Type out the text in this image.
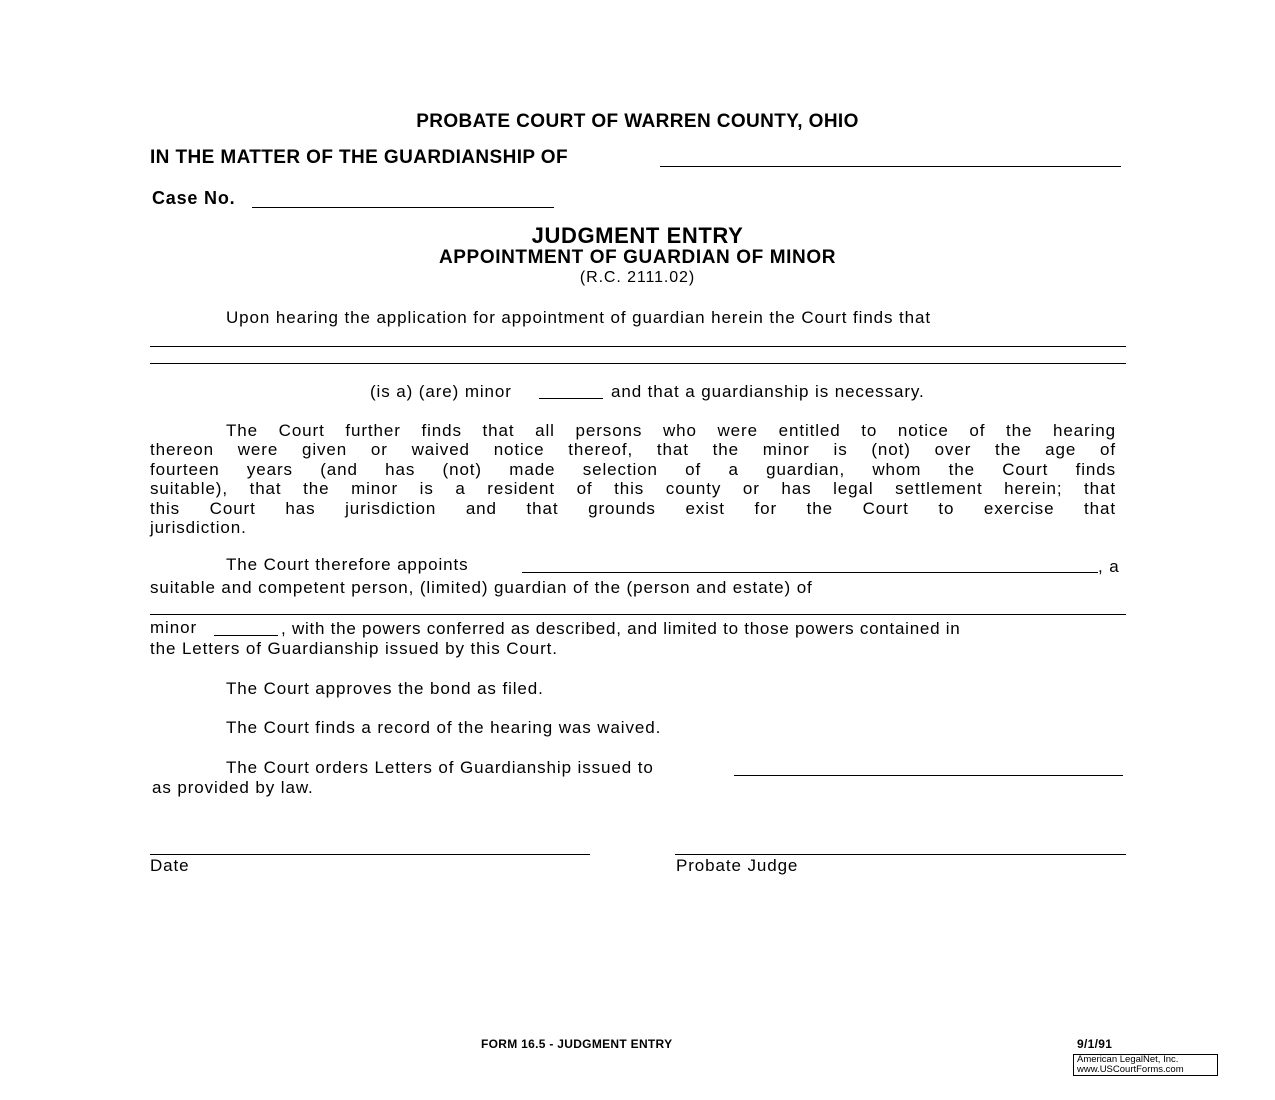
PROBATE COURT OF WARREN COUNTY, OHIO
IN THE MATTER OF THE GUARDIANSHIP OF
Case No.
JUDGMENT ENTRY
APPOINTMENT OF GUARDIAN OF MINOR
(R.C. 2111.02)
Upon hearing the application for appointment of guardian herein the Court finds that
(is a) (are) minor	and that a guardianship is necessary.
The Court further finds that all persons who were entitled to notice of the hearing
thereon were given or waived notice thereof, that the minor is (not) over the age of
fourteen years (and has (not) made selection of a guardian, whom the Court finds
suitable), that the minor is a resident of this county or has legal settlement herein; that
this Court has jurisdiction and that grounds exist for the Court to exercise that
jurisdiction.
The Court therefore appoints	, a
suitable and competent person, (limited) guardian of the (person and estate) of
minor	, with the powers conferred as described, and limited to those powers contained in
the Letters of Guardianship issued by this Court.
The Court approves the bond as filed.
The Court finds a record of the hearing was waived.
The Court orders Letters of Guardianship issued to
as provided by law.
Date	Probate Judge
FORM 16.5 - JUDGMENT ENTRY	9/1/91
American LegalNet, Inc.
www.USCourtForms.com
